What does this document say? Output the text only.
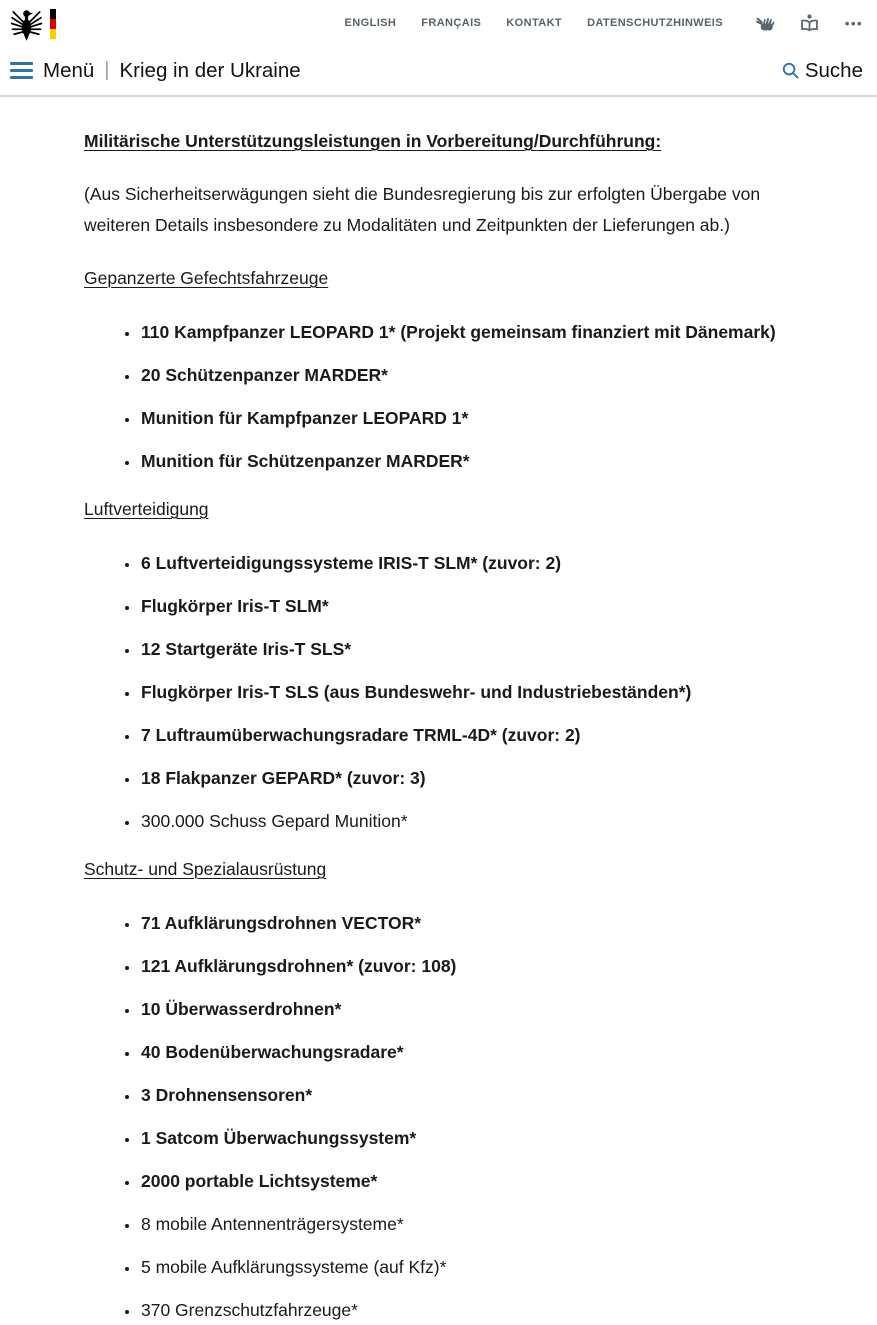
ENGLISH FRANÇAIS KONTAKT DATENSCHUTZHINWEIS	•••
Menü | Krieg in der Ukraine	Suche
Militärische Unterstützungsleistungen in Vorbereitung/Durchführung:

(Aus Sicherheitserwägungen sieht die Bundesregierung bis zur erfolgten Übergabe von weiteren Details insbesondere zu Modalitäten und Zeitpunkten der Lieferungen ab.)

Gepanzerte Gefechtsfahrzeuge
• 110 Kampfpanzer LEOPARD 1* (Projekt gemeinsam finanziert mit Dänemark)
• 20 Schützenpanzer MARDER*
• Munition für Kampfpanzer LEOPARD 1*
• Munition für Schützenpanzer MARDER*
Luftverteidigung
• 6 Luftverteidigungssysteme IRIS-T SLM* (zuvor: 2)
• Flugkörper Iris-T SLM*
• 12 Startgeräte Iris-T SLS*
• Flugkörper Iris-T SLS (aus Bundeswehr- und Industriebeständen*)
• 7 Luftraumüberwachungsradare TRML-4D* (zuvor: 2)
• 18 Flakpanzer GEPARD* (zuvor: 3)
• 300.000 Schuss Gepard Munition*
Schutz- und Spezialausrüstung
• 71 Aufklärungsdrohnen VECTOR*
• 121 Aufklärungsdrohnen* (zuvor: 108)
• 10 Überwasserdrohnen*
• 40 Bodenüberwachungsradare*
• 3 Drohnensensoren*
• 1 Satcom Überwachungssystem*
• 2000 portable Lichtsysteme*
• 8 mobile Antennenträgersysteme*
• 5 mobile Aufklärungssysteme (auf Kfz)*
• 370 Grenzschutzfahrzeuge*
